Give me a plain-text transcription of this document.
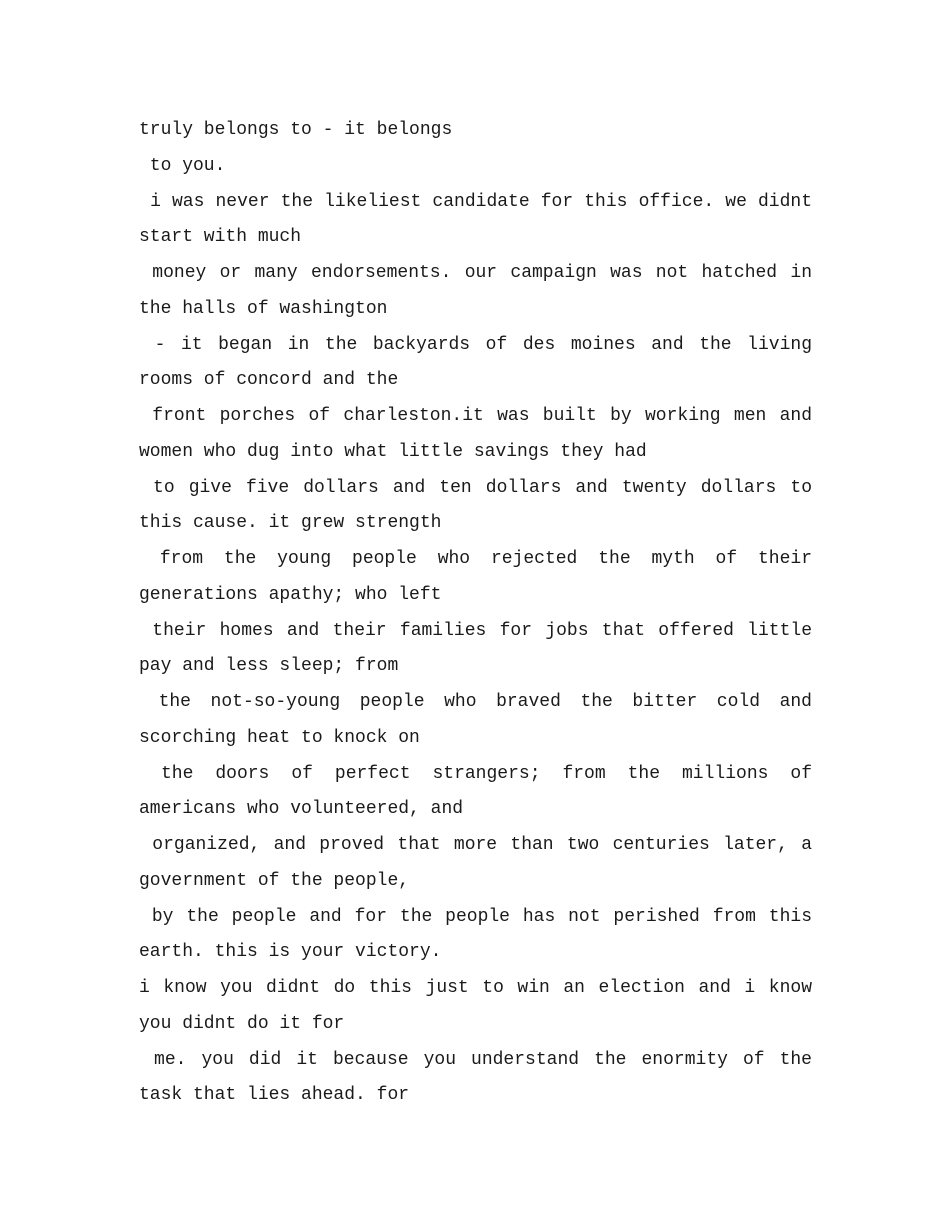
truly belongs to - it belongs
to you.
i was never the likeliest candidate for this office. we didnt
start with much
money or many endorsements. our campaign was not hatched in
the halls of washington
- it began in the backyards of des moines and the living
rooms of concord and the
front porches of charleston.it was built by working men and
women who dug into what little savings they had
to give five dollars and ten dollars and twenty dollars to
this cause. it grew strength
from the young people who rejected the myth of their
generations apathy; who left
their homes and their families for jobs that offered little
pay and less sleep; from
the not-so-young people who braved the bitter cold and
scorching heat to knock on
the doors of perfect strangers; from the millions of
americans who volunteered, and
organized, and proved that more than two centuries later, a
government of the people,
by the people and for the people has not perished from this
earth. this is your victory.
i know you didnt do this just to win an election and i know
you didnt do it for
me. you did it because you understand the enormity of the
task that lies ahead. for
